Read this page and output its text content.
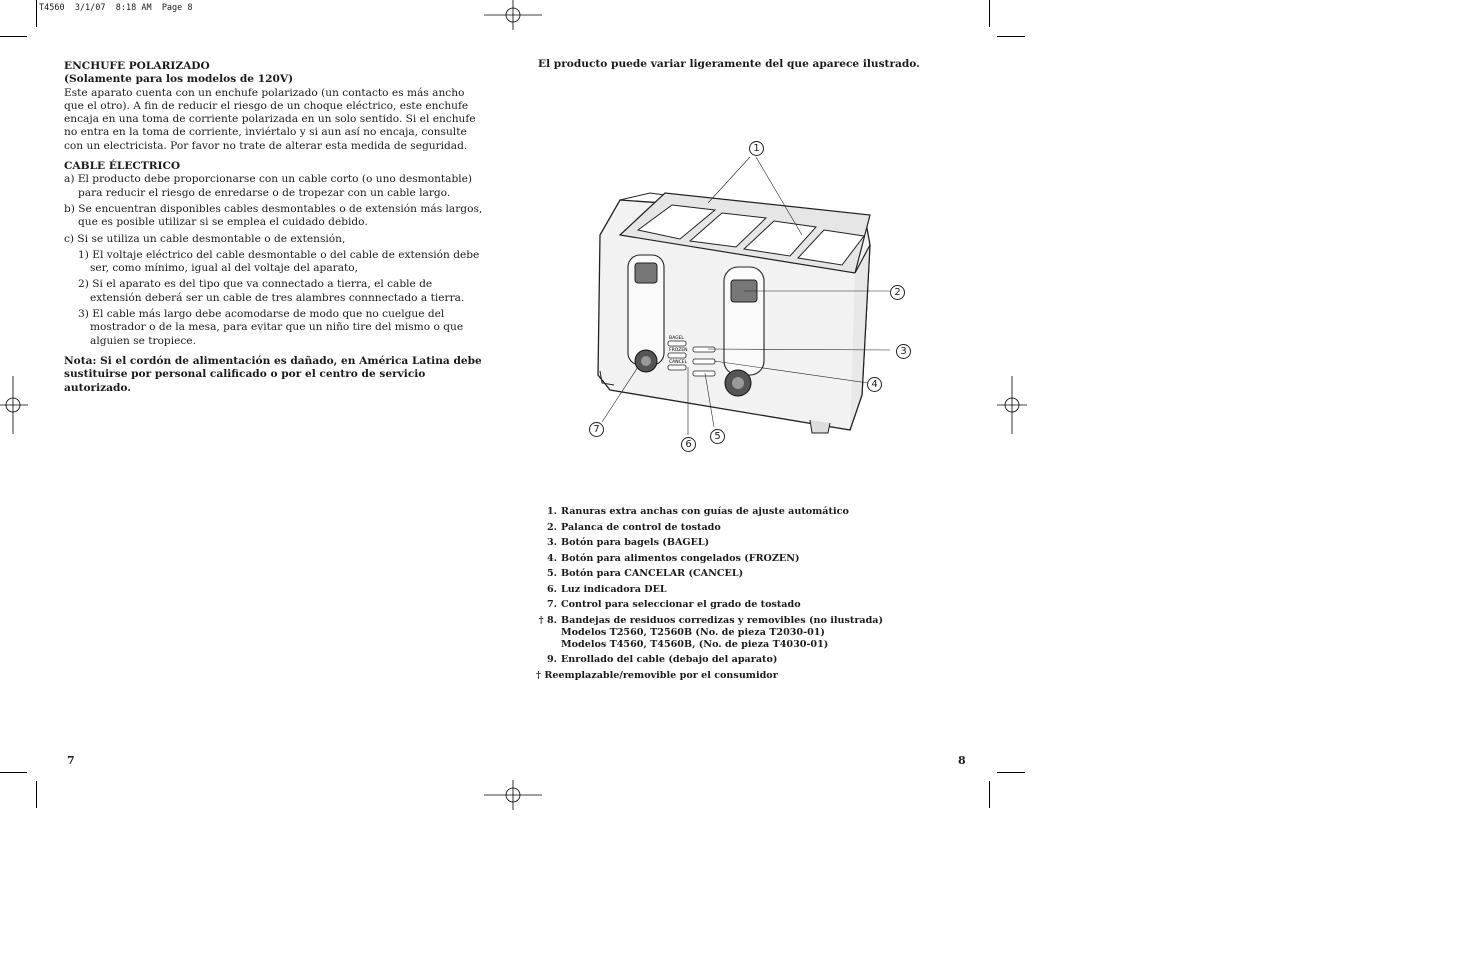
T4560  3/1/07  8:18 AM  Page 8

ENCHUFE POLARIZADO

(Solamente para los modelos de 120V)

Este aparato cuenta con un enchufe polarizado (un contacto es más ancho que el otro). A fin de reducir el riesgo de un choque eléctrico, este enchufe encaja en una toma de corriente polarizada en un solo sentido. Si el enchufe no entra en la toma de corriente, inviértalo y si aun así no encaja, consulte con un electricista. Por favor no trate de alterar esta medida de seguridad.

CABLE ÉLECTRICO

a) El producto debe proporcionarse con un cable corto (o uno desmontable) para reducir el riesgo de enredarse o de tropezar con un cable largo.

b) Se encuentran disponibles cables desmontables o de extensión más largos, que es posible utilizar si se emplea el cuidado debido.

c) Si se utiliza un cable desmontable o de extensión,

1) El voltaje eléctrico del cable desmontable o del cable de extensión debe ser, como mínimo, igual al del voltaje del aparato,

2) Si el aparato es del tipo que va connectado a tierra, el cable de extensión deberá ser un cable de tres alambres connnectado a tierra.

3) El cable más largo debe acomodarse de modo que no cuelgue del mostrador o de la mesa, para evitar que un niño tire del mismo o que alguien se tropiece.

Nota: Si el cordón de alimentación es dañado, en América Latina debe sustituirse por personal calificado o por el centro de servicio autorizado.

7
El producto puede variar ligeramente del que aparece ilustrado.
BAGEL
FROZEN
CANCEL
1
2
3
4
5
6
7
1. Ranuras extra anchas con guías de ajuste automático
2. Palanca de control de tostado
3. Botón para bagels (BAGEL)
4. Botón para alimentos congelados (FROZEN)
5. Botón para CANCELAR (CANCEL)
6. Luz indicadora DEL
7. Control para seleccionar el grado de tostado
† 8. Bandejas de residuos corredizas y removibles (no ilustrada)
Modelos T2560, T2560B (No. de pieza T2030-01)
Modelos T4560, T4560B, (No. de pieza T4030-01)
9. Enrollado del cable (debajo del aparato)
† Reemplazable/removible por el consumidor
8
